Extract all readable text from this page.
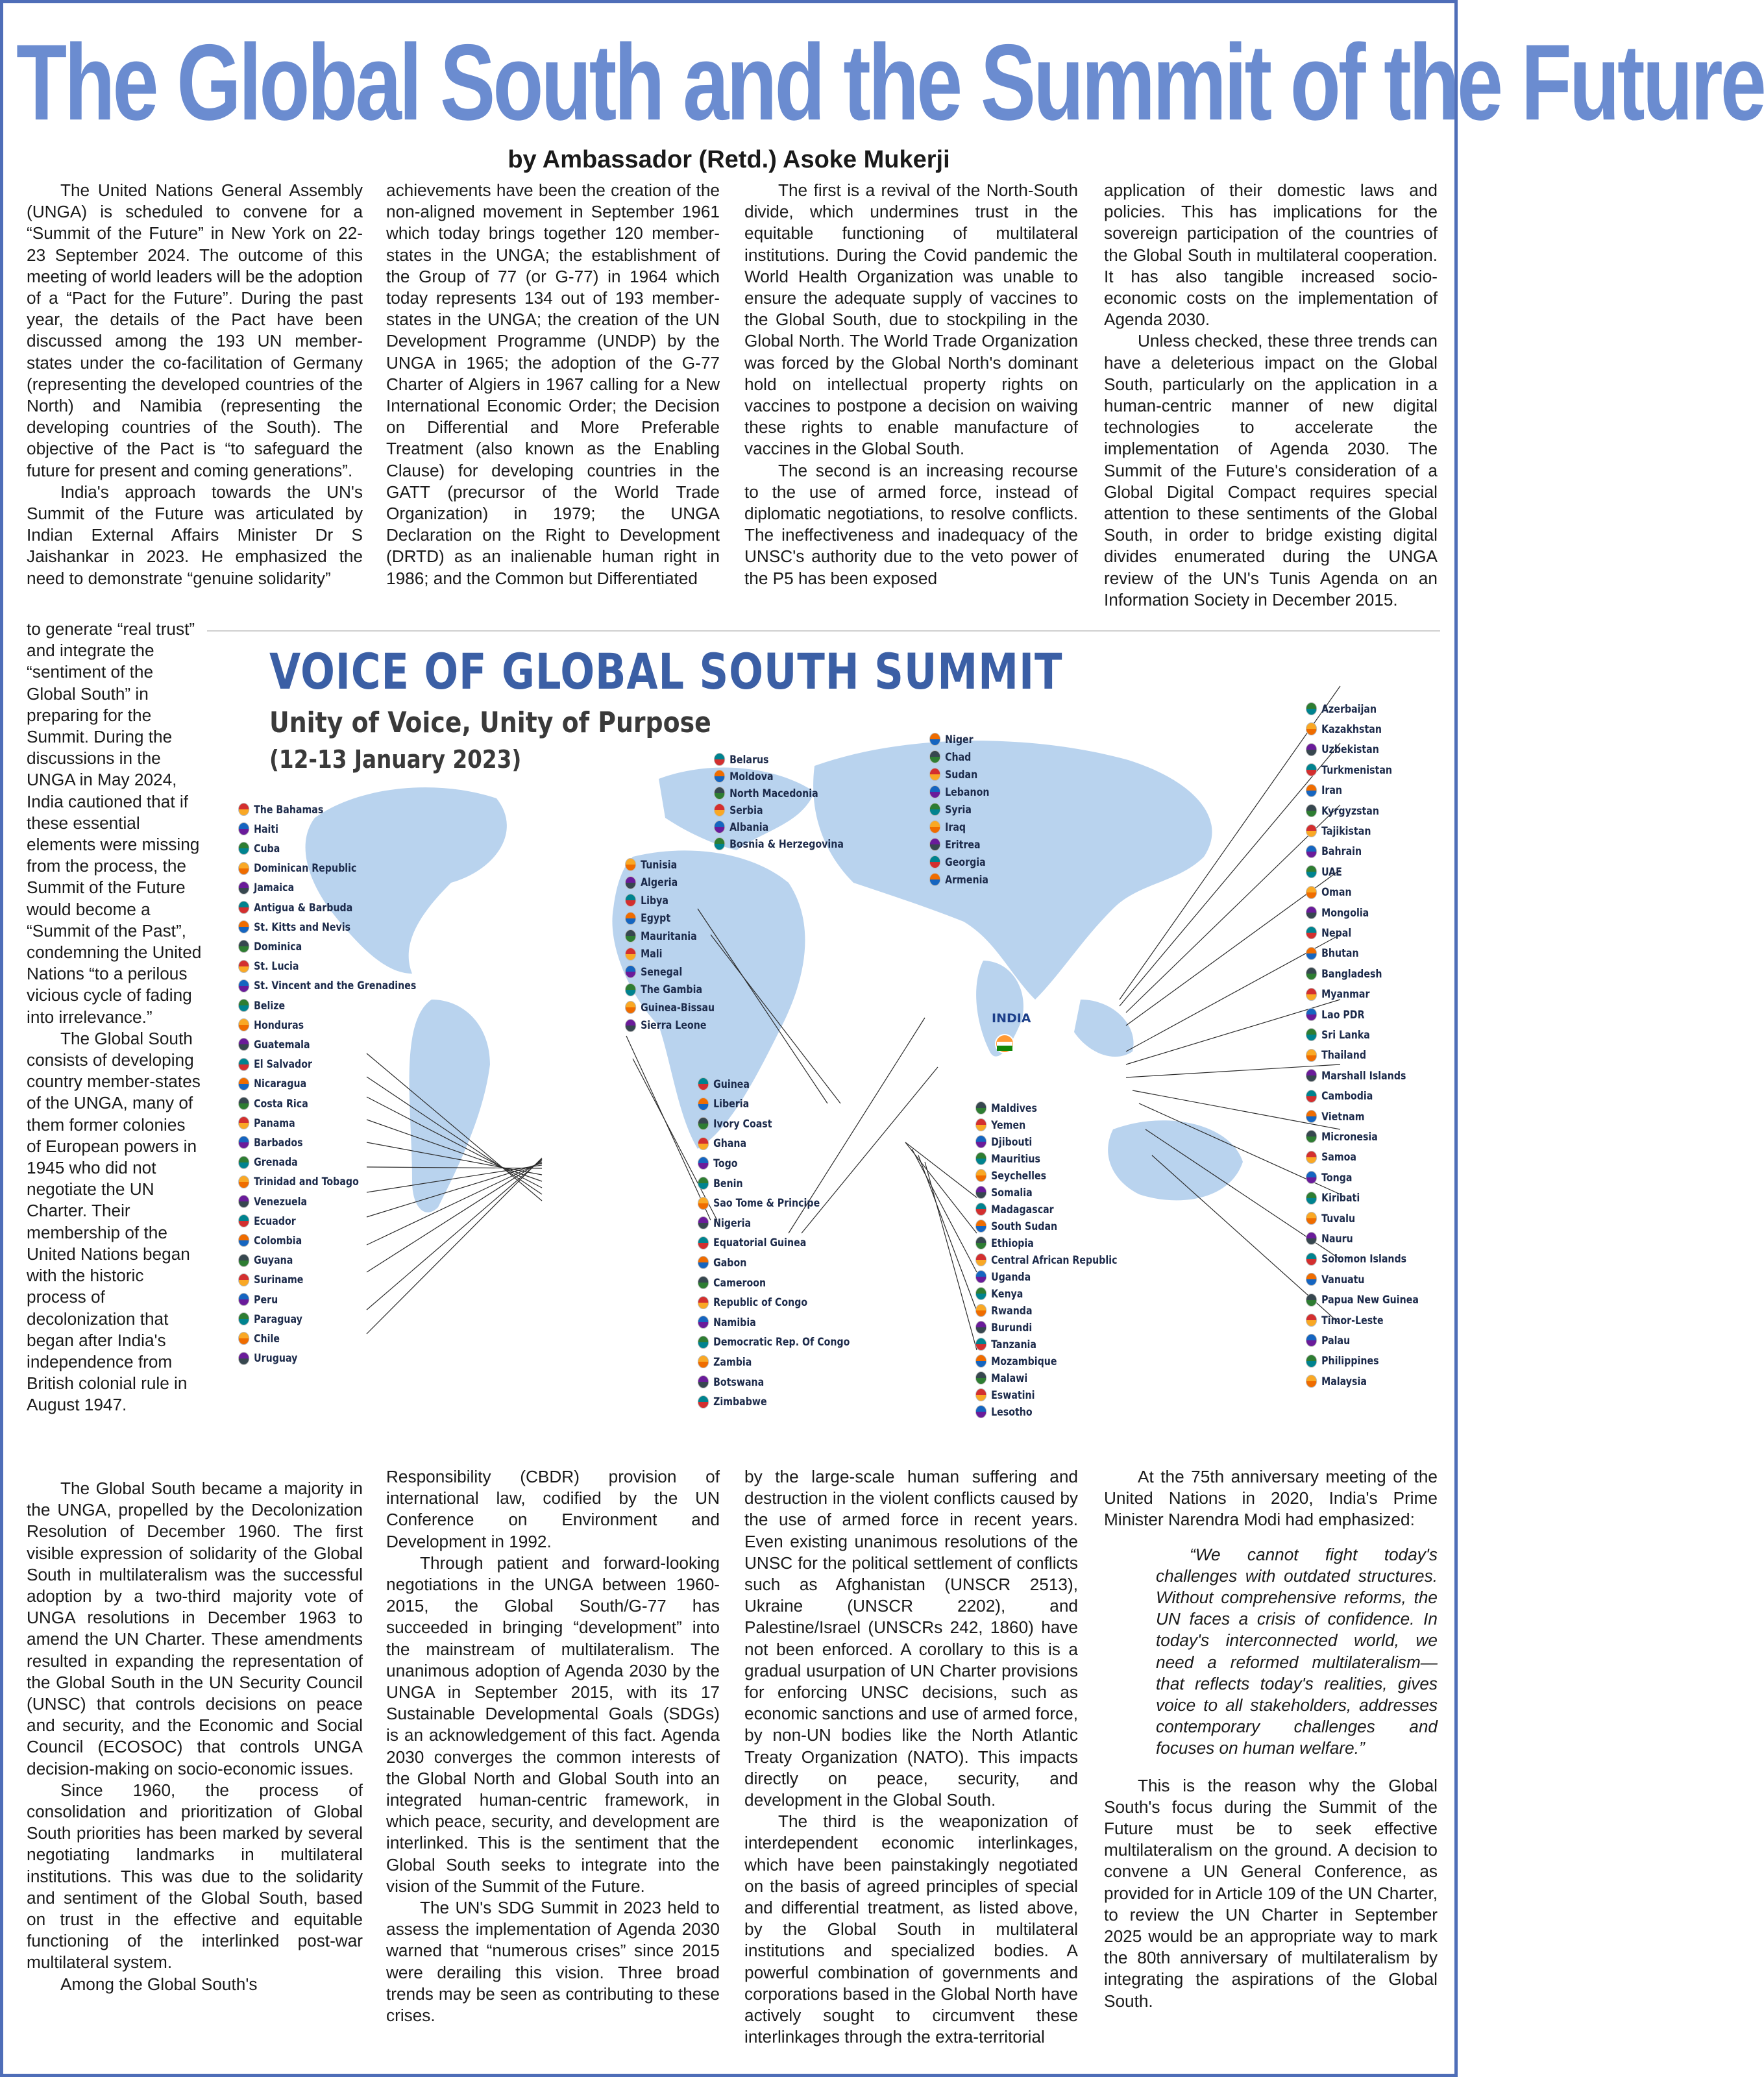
The Global South and the Summit of the Future
by Ambassador (Retd.) Asoke Mukerji

The United Nations General Assembly (UNGA) is scheduled to convene for a “Summit of the Future” in New York on 22-23 September 2024. The outcome of this meeting of world leaders will be the adoption of a “Pact for the Future”. During the past year, the details of the Pact have been discussed among the 193 UN member-states under the co-facilitation of Germany (representing the developed countries of the North) and Namibia (representing the developing countries of the South). The objective of the Pact is “to safeguard the future for present and coming generations”.

India's approach towards the UN's Summit of the Future was articulated by Indian External Affairs Minister Dr S Jaishankar in 2023. He emphasized the need to demonstrate “genuine solidarity”

achievements have been the creation of the non-aligned movement in September 1961 which today brings together 120 member-states in the UNGA; the establishment of the Group of 77 (or G-77) in 1964 which today represents 134 out of 193 member-states in the UNGA; the creation of the UN Development Programme (UNDP) by the UNGA in 1965; the adoption of the G-77 Charter of Algiers in 1967 calling for a New International Economic Order; the Decision on Differential and More Preferable Treatment (also known as the Enabling Clause) for developing countries in the GATT (precursor of the World Trade Organization) in 1979; the UNGA Declaration on the Right to Development (DRTD) as an inalienable human right in 1986; and the Common but Differentiated

The first is a revival of the North-South divide, which undermines trust in the equitable functioning of multilateral institutions. During the Covid pandemic the World Health Organization was unable to ensure the adequate supply of vaccines to the Global South, due to stockpiling in the Global North. The World Trade Organization was forced by the Global North's dominant hold on intellectual property rights on vaccines to postpone a decision on waiving these rights to enable manufacture of vaccines in the Global South.

The second is an increasing recourse to the use of armed force, instead of diplomatic negotiations, to resolve conflicts. The ineffectiveness and inadequacy of the UNSC's authority due to the veto power of the P5 has been exposed

application of their domestic laws and policies. This has implications for the sovereign participation of the countries of the Global South in multilateral cooperation. It has also tangible increased socio-economic costs on the implementation of Agenda 2030.

Unless checked, these three trends can have a deleterious impact on the Global South, particularly on the application in a human-centric manner of new digital technologies to accelerate the implementation of Agenda 2030. The Summit of the Future's consideration of a Global Digital Compact requires special attention to these sentiments of the Global South, in order to bridge existing digital divides enumerated during the UNGA review of the UN's Tunis Agenda on an Information Society in December 2015.

to generate “real trust” and integrate the “sentiment of the Global South” in preparing for the Summit. During the discussions in the UNGA in May 2024, India cautioned that if these essential elements were missing from the process, the Summit of the Future would become a “Summit of the Past”, condemning the United Nations “to a perilous vicious cycle of fading into irrelevance.”

The Global South consists of developing country member-states of the UNGA, many of them former colonies of European powers in 1945 who did not negotiate the UN Charter. Their membership of the United Nations began with the historic process of decolonization that began after India's independence from British colonial rule in August 1947.

VOICE OF GLOBAL SOUTH SUMMIT
Unity of Voice, Unity of Purpose
(12-13 January 2023)
INDIA
The Bahamas
Haiti
Cuba
Dominican Republic
Jamaica
Antigua & Barbuda
St. Kitts and Nevis
Dominica
St. Lucia
St. Vincent and the Grenadines
Belize
Honduras
Guatemala
El Salvador
Nicaragua
Costa Rica
Panama
Barbados
Grenada
Trinidad and Tobago
Venezuela
Ecuador
Colombia
Guyana
Suriname
Peru
Paraguay
Chile
Uruguay
Belarus
Moldova
North Macedonia
Serbia
Albania
Bosnia & Herzegovina
Tunisia
Algeria
Libya
Egypt
Mauritania
Mali
Senegal
The Gambia
Guinea-Bissau
Sierra Leone
Guinea
Liberia
Ivory Coast
Ghana
Togo
Benin
Sao Tome & Principe
Nigeria
Equatorial Guinea
Gabon
Cameroon
Republic of Congo
Namibia
Democratic Rep. Of Congo
Zambia
Botswana
Zimbabwe
Niger
Chad
Sudan
Lebanon
Syria
Iraq
Eritrea
Georgia
Armenia
Maldives
Yemen
Djibouti
Mauritius
Seychelles
Somalia
Madagascar
South Sudan
Ethiopia
Central African Republic
Uganda
Kenya
Rwanda
Burundi
Tanzania
Mozambique
Malawi
Eswatini
Lesotho
Azerbaijan
Kazakhstan
Uzbekistan
Turkmenistan
Iran
Kyrgyzstan
Tajikistan
Bahrain
UAE
Oman
Mongolia
Nepal
Bhutan
Bangladesh
Myanmar
Lao PDR
Sri Lanka
Thailand
Marshall Islands
Cambodia
Vietnam
Micronesia
Samoa
Tonga
Kiribati
Tuvalu
Nauru
Solomon Islands
Vanuatu
Papua New Guinea
Timor-Leste
Palau
Philippines
Malaysia

The Global South became a majority in the UNGA, propelled by the Decolonization Resolution of December 1960. The first visible expression of solidarity of the Global South in multilateralism was the successful adoption by a two-third majority vote of UNGA resolutions in December 1963 to amend the UN Charter. These amendments resulted in expanding the representation of the Global South in the UN Security Council (UNSC) that controls decisions on peace and security, and the Economic and Social Council (ECOSOC) that controls UNGA decision-making on socio-economic issues.

Since 1960, the process of consolidation and prioritization of Global South priorities has been marked by several negotiating landmarks in multilateral institutions. This was due to the solidarity and sentiment of the Global South, based on trust in the effective and equitable functioning of the interlinked post-war multilateral system.

Among the Global South's

Responsibility (CBDR) provision of international law, codified by the UN Conference on Environment and Development in 1992.

Through patient and forward-looking negotiations in the UNGA between 1960-2015, the Global South/G-77 has succeeded in bringing “development” into the mainstream of multilateralism. The unanimous adoption of Agenda 2030 by the UNGA in September 2015, with its 17 Sustainable Developmental Goals (SDGs) is an acknowledgement of this fact. Agenda 2030 converges the common interests of the Global North and Global South into an integrated human-centric framework, in which peace, security, and development are interlinked. This is the sentiment that the Global South seeks to integrate into the vision of the Summit of the Future.

The UN's SDG Summit in 2023 held to assess the implementation of Agenda 2030 warned that “numerous crises” since 2015 were derailing this vision. Three broad trends may be seen as contributing to these crises.

by the large-scale human suffering and destruction in the violent conflicts caused by the use of armed force in recent years. Even existing unanimous resolutions of the UNSC for the political settlement of conflicts such as Afghanistan (UNSCR 2513), Ukraine (UNSCR 2202), and Palestine/Israel (UNSCRs 242, 1860) have not been enforced. A corollary to this is a gradual usurpation of UN Charter provisions for enforcing UNSC decisions, such as economic sanctions and use of armed force, by non-UN bodies like the North Atlantic Treaty Organization (NATO). This impacts directly on peace, security, and development in the Global South.

The third is the weaponization of interdependent economic interlinkages, which have been painstakingly negotiated on the basis of agreed principles of special and differential treatment, as listed above, by the Global South in multilateral institutions and specialized bodies. A powerful combination of governments and corporations based in the Global North have actively sought to circumvent these interlinkages through the extra-territorial

At the 75th anniversary meeting of the United Nations in 2020, India's Prime Minister Narendra Modi had emphasized:

“We cannot fight today's challenges with outdated structures. Without comprehensive reforms, the UN faces a crisis of confidence. In today's interconnected world, we need a reformed multilateralism—that reflects today's realities, gives voice to all stakeholders, addresses contemporary challenges and focuses on human welfare.”

This is the reason why the Global South's focus during the Summit of the Future must be to seek effective multilateralism on the ground. A decision to convene a UN General Conference, as provided for in Article 109 of the UN Charter, to review the UN Charter in September 2025 would be an appropriate way to mark the 80th anniversary of multilateralism by integrating the aspirations of the Global South.
